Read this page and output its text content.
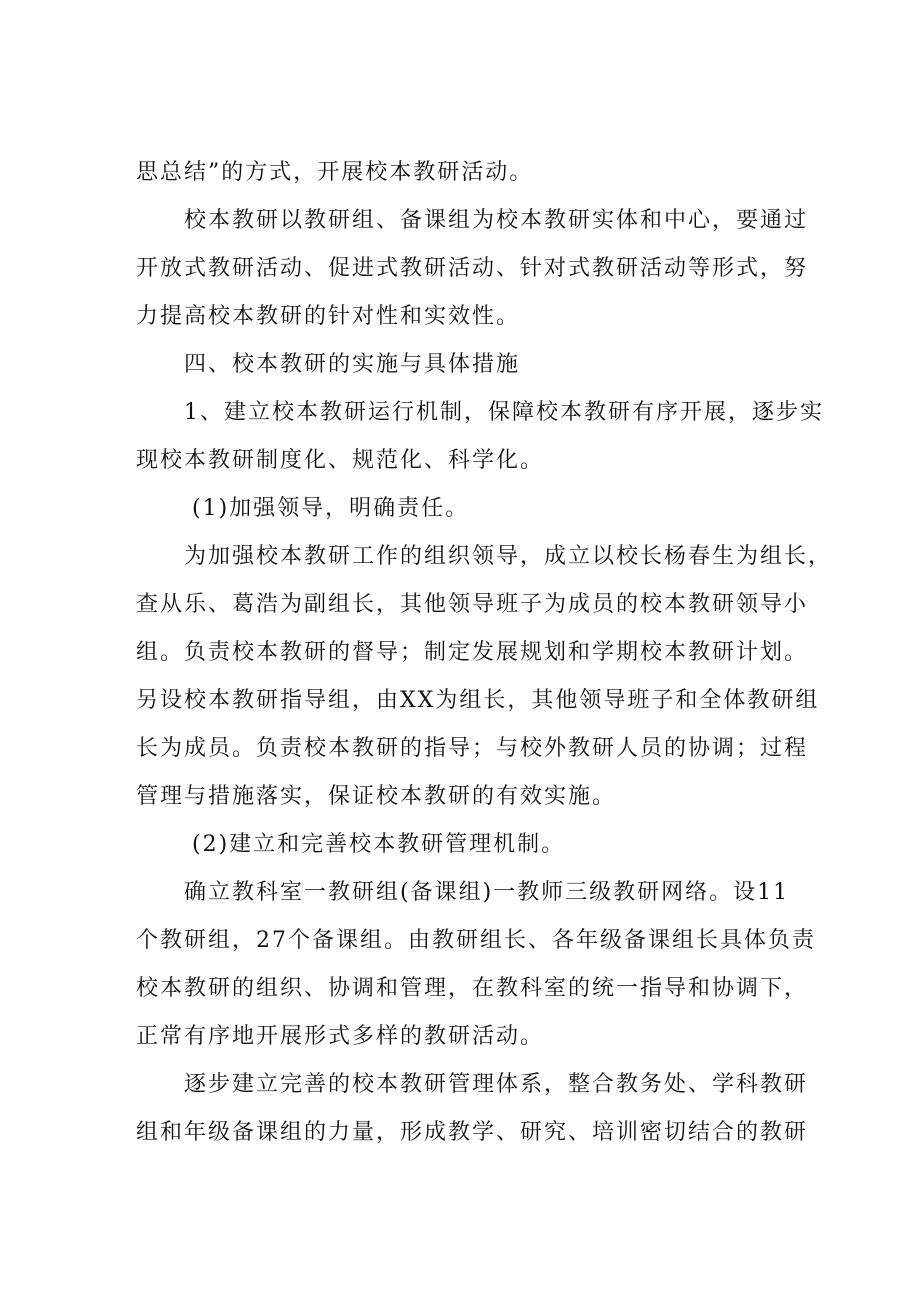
思总结”的方式，开展校本教研活动。
校本教研以教研组、备课组为校本教研实体和中心，要通过
开放式教研活动、促进式教研活动、针对式教研活动等形式，努
力提高校本教研的针对性和实效性。
四、校本教研的实施与具体措施
1、建立校本教研运行机制，保障校本教研有序开展，逐步实
现校本教研制度化、规范化、科学化。
(1)加强领导，明确责任。
为加强校本教研工作的组织领导，成立以校长杨春生为组长，
查从乐、葛浩为副组长，其他领导班子为成员的校本教研领导小
组。负责校本教研的督导；制定发展规划和学期校本教研计划。
另设校本教研指导组，由XX为组长，其他领导班子和全体教研组
长为成员。负责校本教研的指导；与校外教研人员的协调；过程
管理与措施落实，保证校本教研的有效实施。
(2)建立和完善校本教研管理机制。
确立教科室一教研组(备课组)一教师三级教研网络。设11
个教研组，27个备课组。由教研组长、各年级备课组长具体负责
校本教研的组织、协调和管理，在教科室的统一指导和协调下，
正常有序地开展形式多样的教研活动。
逐步建立完善的校本教研管理体系，整合教务处、学科教研
组和年级备课组的力量，形成教学、研究、培训密切结合的教研
